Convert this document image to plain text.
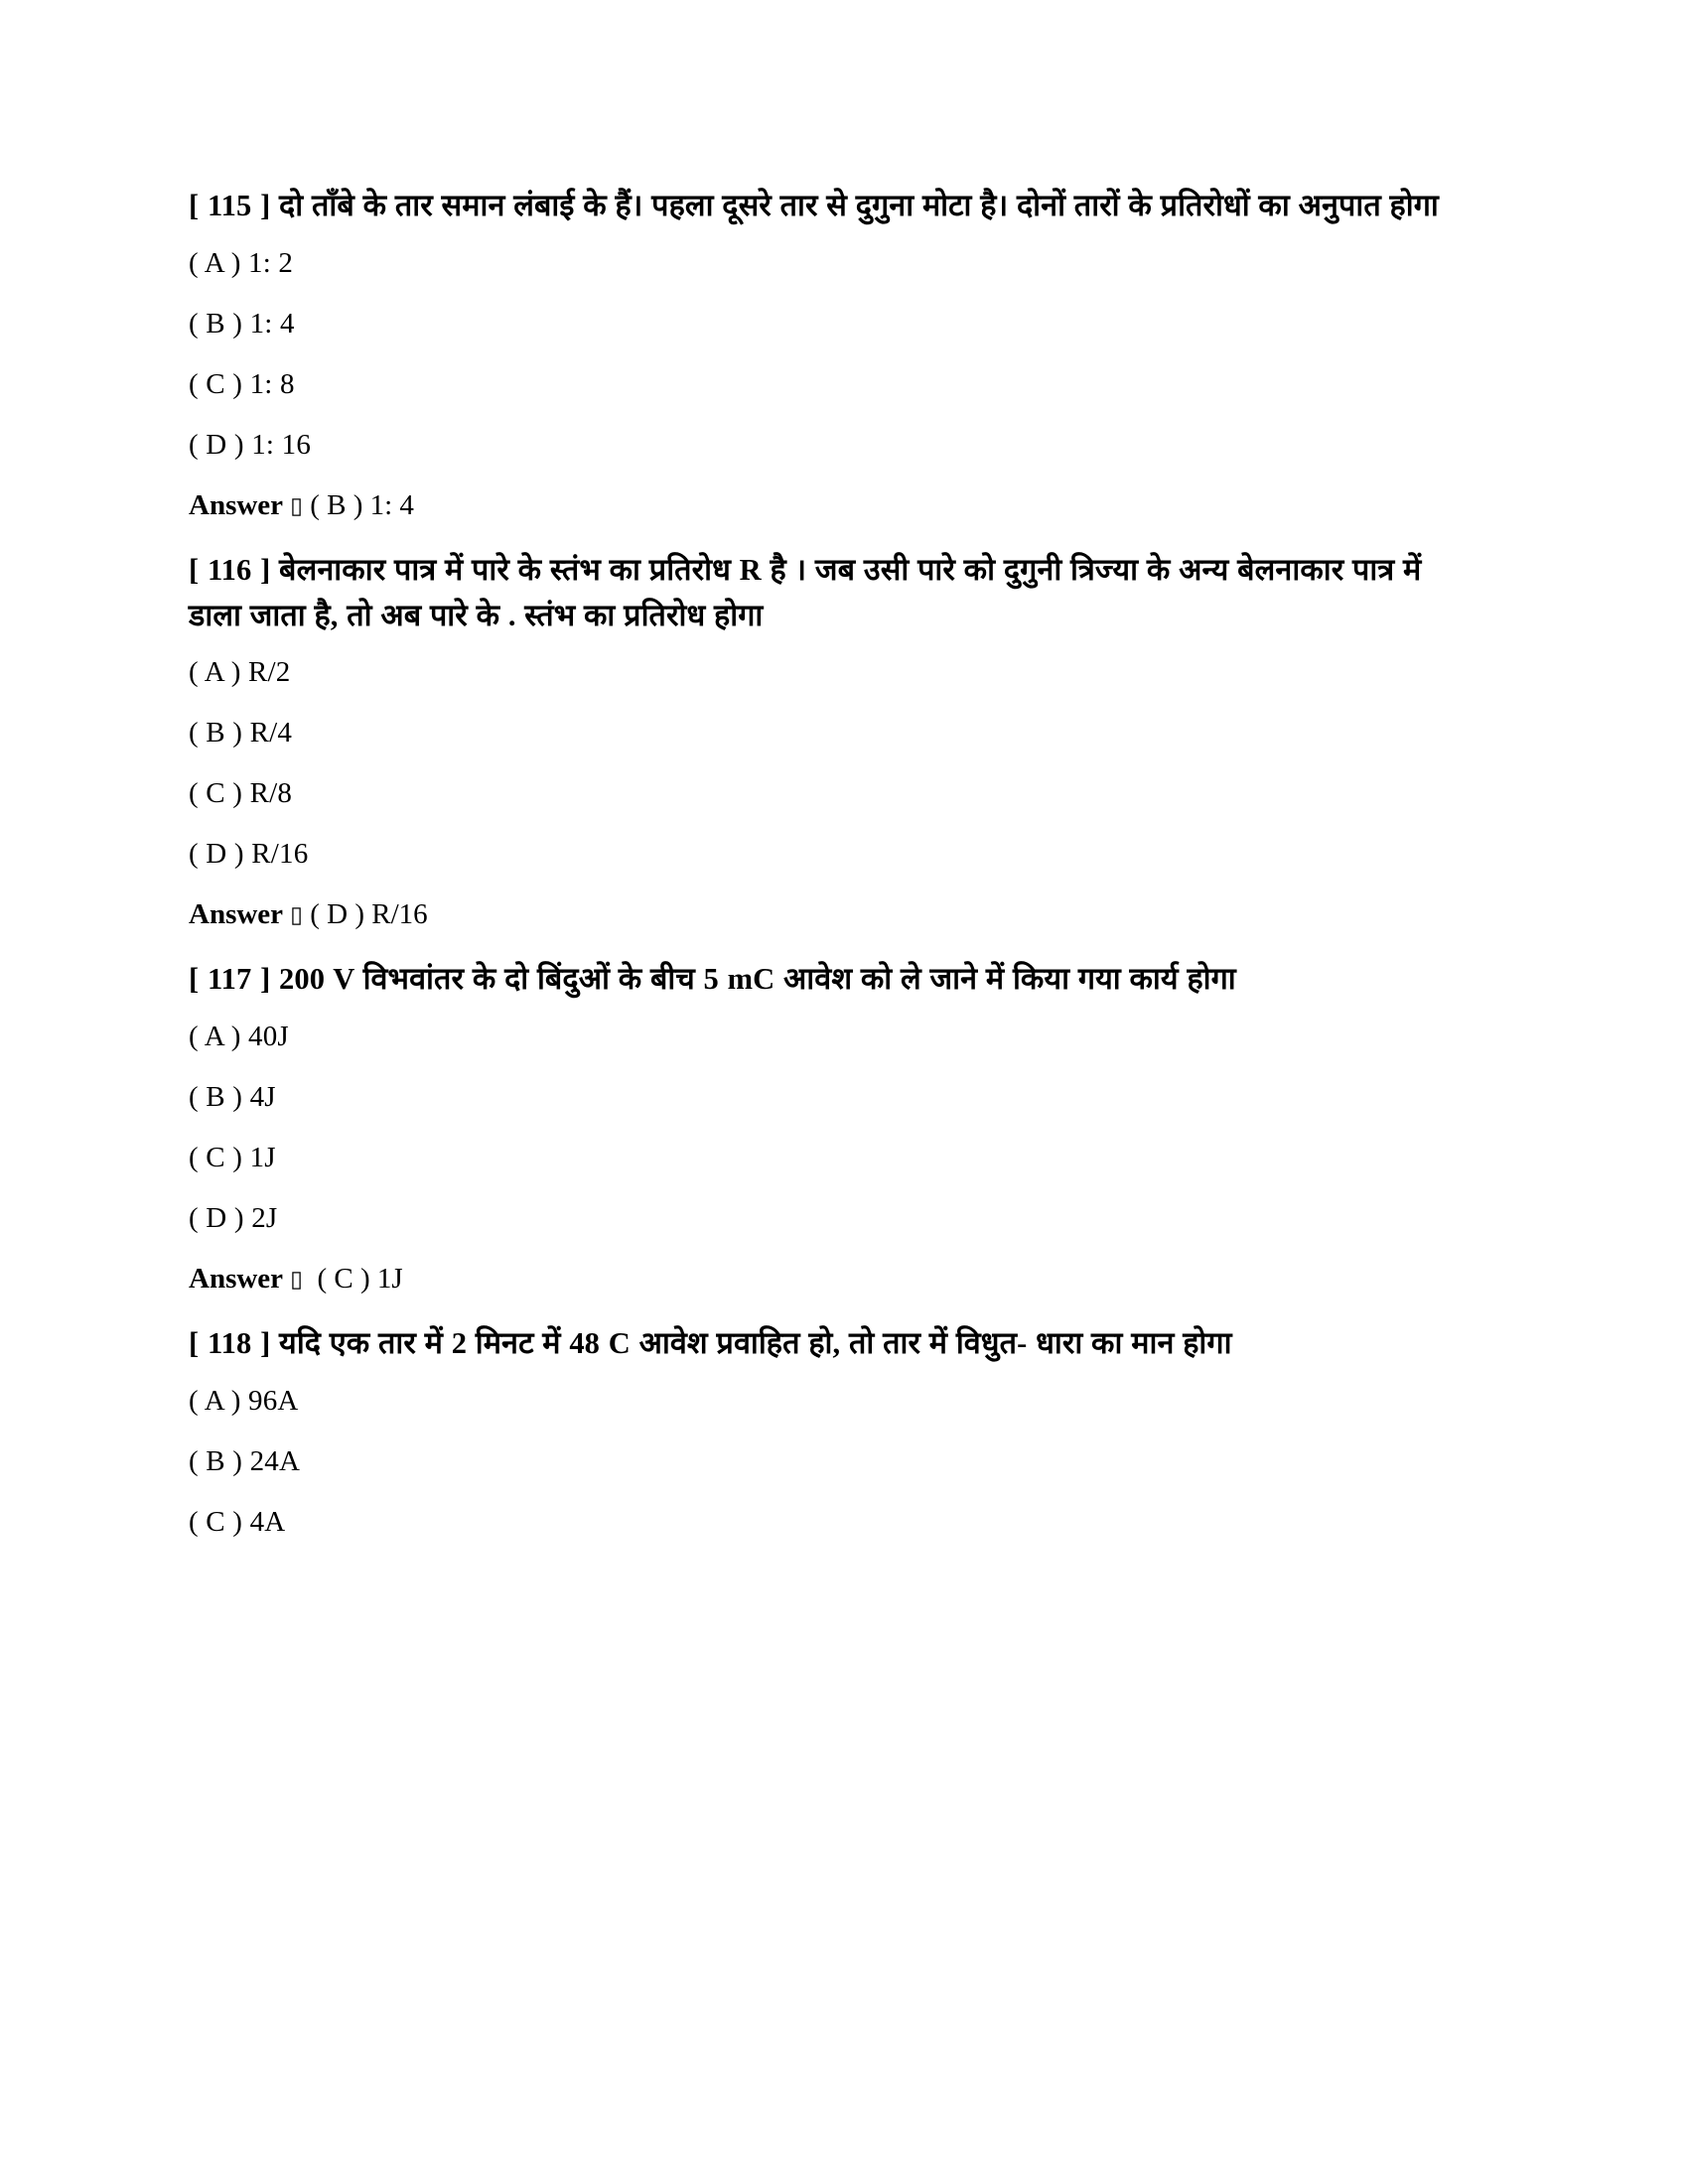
[ 115 ] दो ताँबे के तार समान लंबाई के हैं। पहला दूसरे तार से दुगुना मोटा है। दोनों तारों के प्रतिरोधों का अनुपात होगा

( A ) 1: 2

( B ) 1: 4

( C ) 1: 8

( D ) 1: 16

Answer ▯ ( B ) 1: 4

[ 116 ] बेलनाकार पात्र में पारे के स्तंभ का प्रतिरोध R है । जब उसी पारे को दुगुनी त्रिज्या के अन्य बेलनाकार पात्र में डाला जाता है, तो अब पारे के . स्तंभ का प्रतिरोध होगा

( A ) R/2

( B ) R/4

( C ) R/8

( D ) R/16

Answer ▯ ( D ) R/16

[ 117 ] 200 V विभवांतर के दो बिंदुओं के बीच 5 mC आवेश को ले जाने में किया गया कार्य होगा

( A ) 40J

( B ) 4J

( C ) 1J

( D ) 2J

Answer ▯  ( C ) 1J

[ 118 ] यदि एक तार में 2 मिनट में 48 C आवेश प्रवाहित हो, तो तार में विधुत- धारा का मान होगा

( A ) 96A

( B ) 24A

( C ) 4A
